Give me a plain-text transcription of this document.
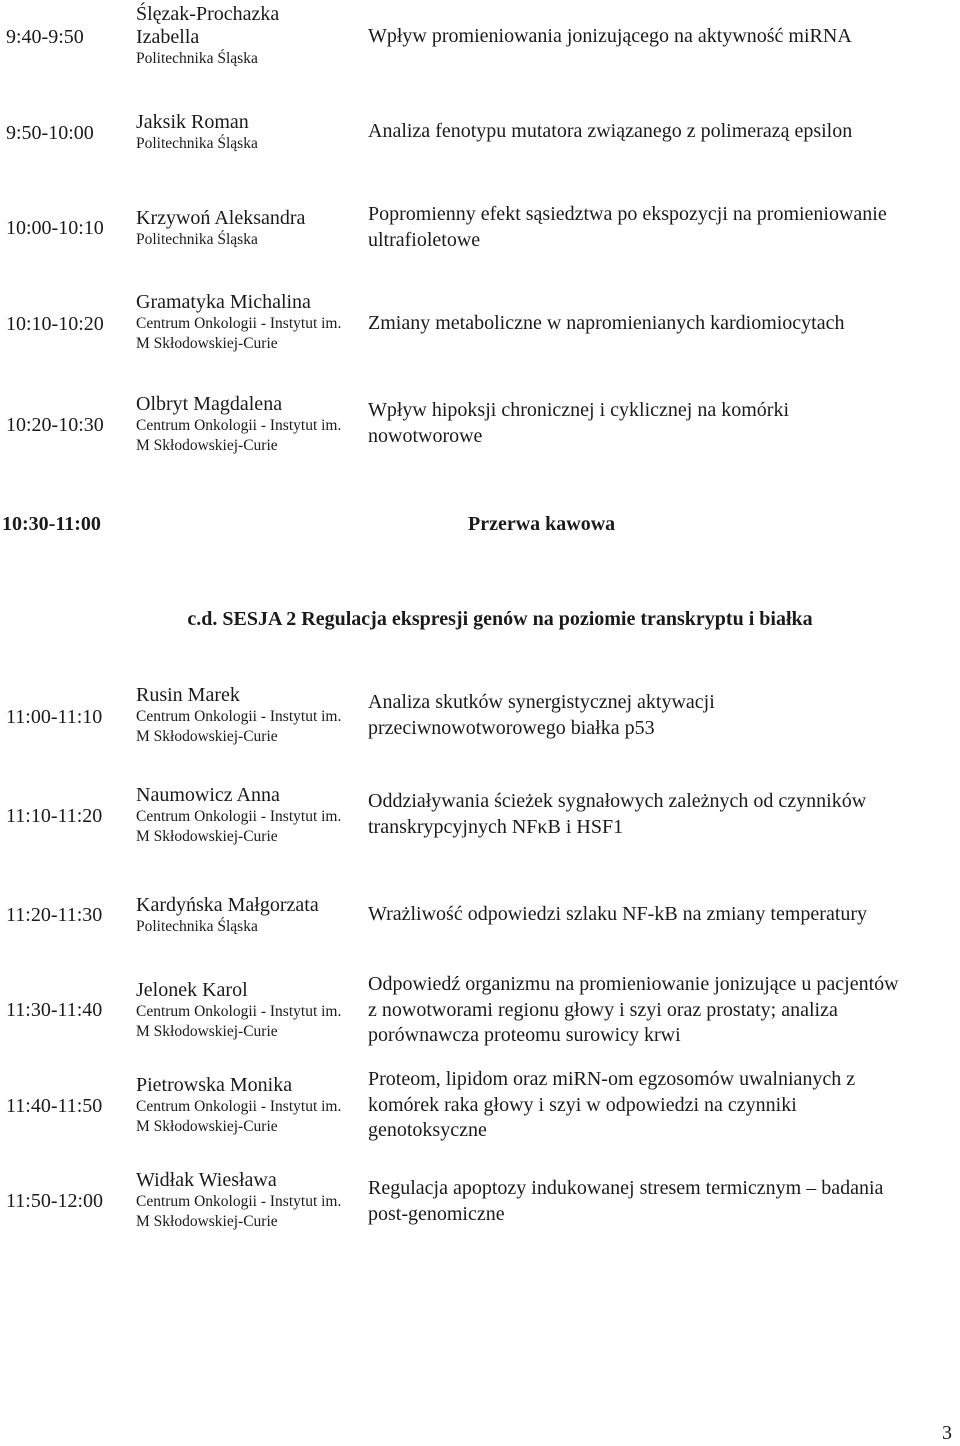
9:40-9:50
Ślęzak-Prochazka
Izabella
Politechnika Śląska
Wpływ promieniowania jonizującego na aktywność miRNA
9:50-10:00 Jaksik Roman
Politechnika Śląska
Analiza fenotypu mutatora związanego z polimerazą epsilon
10:00-10:10 Krzywoń Aleksandra
Politechnika Śląska
Popromienny efekt sąsiedztwa po ekspozycji na promieniowanie
ultrafioletowe
10:10-10:20
Gramatyka Michalina
Centrum Onkologii - Instytut im.
M Skłodowskiej-Curie
Zmiany metaboliczne w napromienianych kardiomiocytach
10:20-10:30
Olbryt Magdalena
Centrum Onkologii - Instytut im.
M Skłodowskiej-Curie
Wpływ hipoksji chronicznej i cyklicznej na komórki
nowotworowe
10:30-11:00	Przerwa kawowa
c.d. SESJA 2 Regulacja ekspresji genów na poziomie transkryptu i białka
11:00-11:10
Rusin Marek
Centrum Onkologii - Instytut im.
M Skłodowskiej-Curie
Analiza skutków synergistycznej aktywacji
przeciwnowotworowego białka p53
11:10-11:20
Naumowicz Anna
Centrum Onkologii - Instytut im.
M Skłodowskiej-Curie
Oddziaływania ścieżek sygnałowych zależnych od czynników
transkrypcyjnych NFκB i HSF1
11:20-11:30 Kardyńska Małgorzata
Politechnika Śląska
Wrażliwość odpowiedzi szlaku NF-kB na zmiany temperatury
11:30-11:40
Jelonek Karol
Centrum Onkologii - Instytut im.
M Skłodowskiej-Curie
Odpowiedź organizmu na promieniowanie jonizujące u pacjentów
z nowotworami regionu głowy i szyi oraz prostaty; analiza
porównawcza proteomu surowicy krwi
11:40-11:50
Pietrowska Monika
Centrum Onkologii - Instytut im.
M Skłodowskiej-Curie
Proteom, lipidom oraz miRN-om egzosomów uwalnianych z
komórek raka głowy i szyi w odpowiedzi na czynniki
genotoksyczne
11:50-12:00
Widłak Wiesława
Centrum Onkologii - Instytut im.
M Skłodowskiej-Curie
Regulacja apoptozy indukowanej stresem termicznym – badania
post-genomiczne
3
